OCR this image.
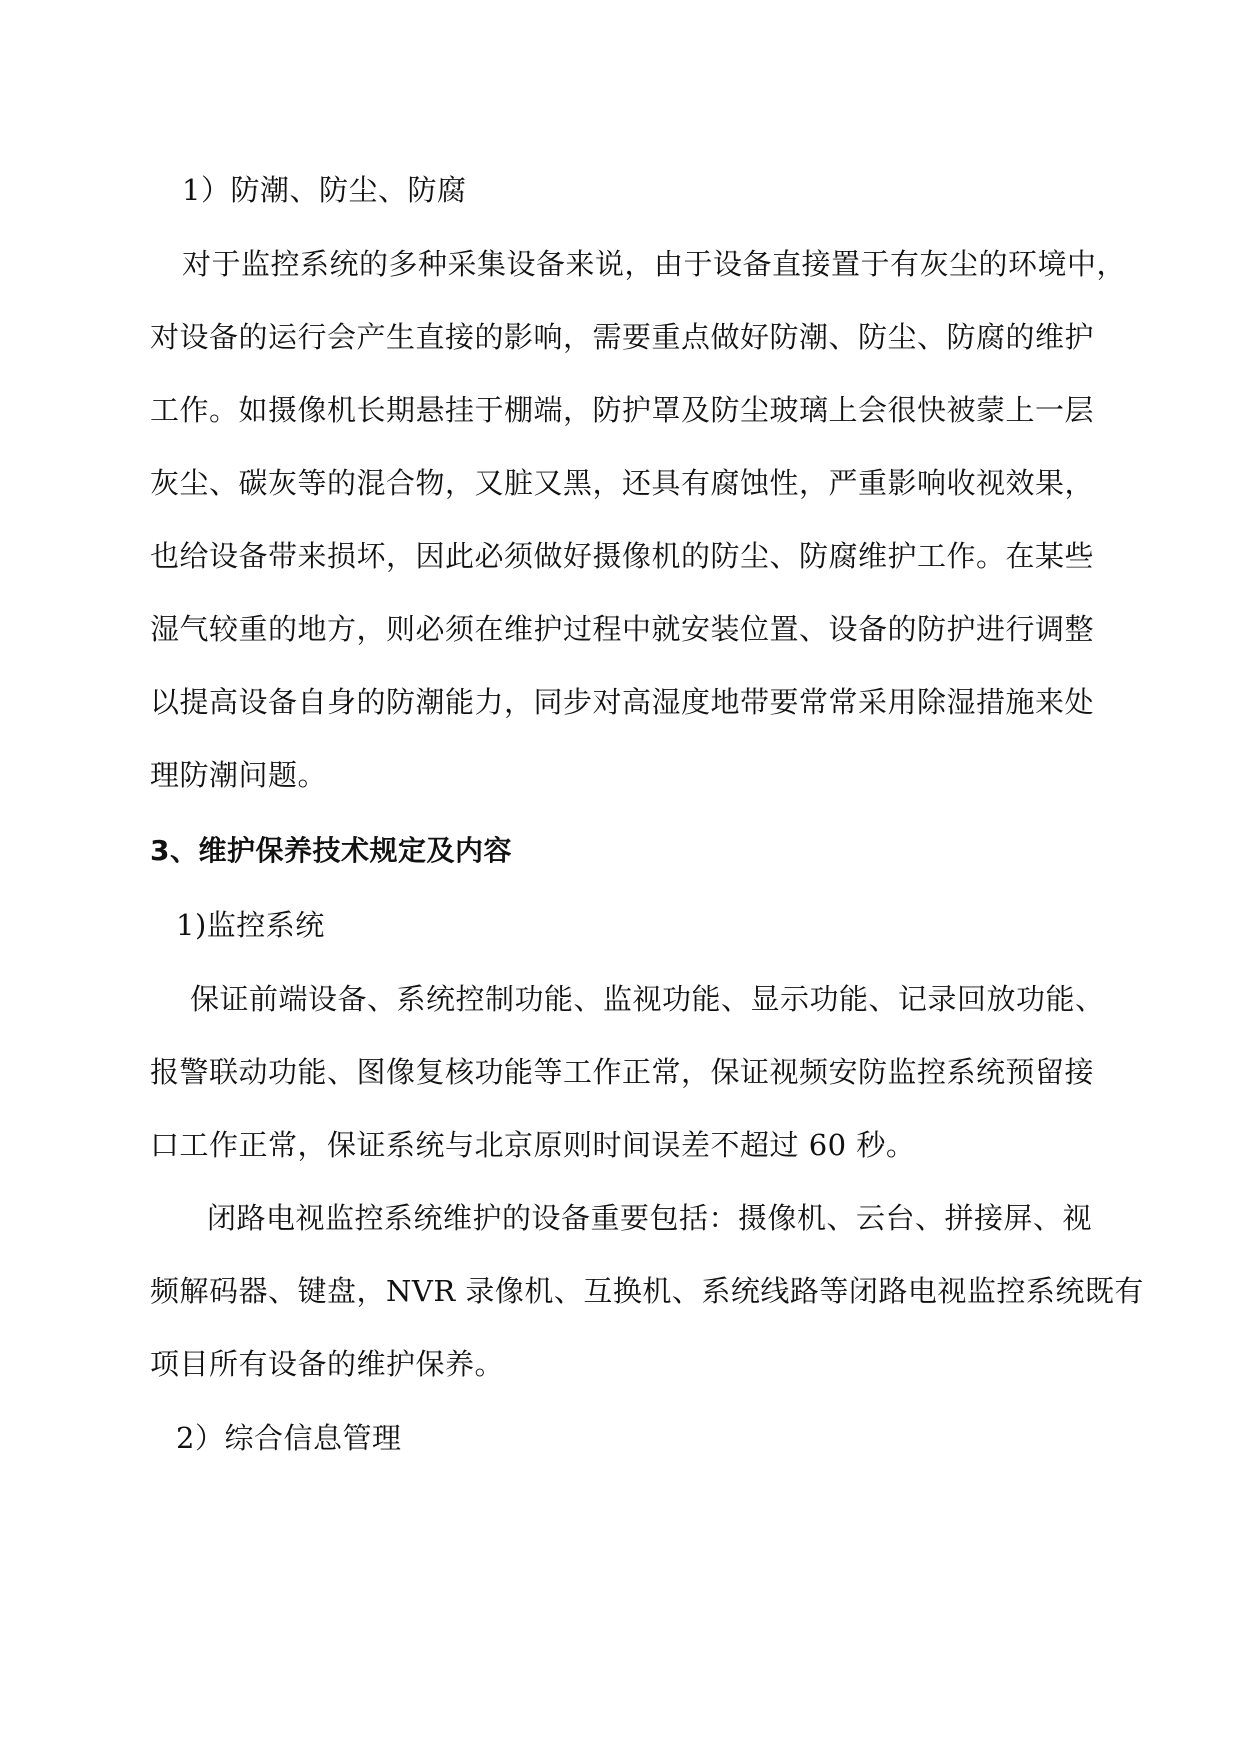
1）防潮、防尘、防腐
对于监控系统的多种采集设备来说，由于设备直接置于有灰尘的环境中，
对设备的运行会产生直接的影响，需要重点做好防潮、防尘、防腐的维护
工作。如摄像机长期悬挂于棚端，防护罩及防尘玻璃上会很快被蒙上一层
灰尘、碳灰等的混合物，又脏又黑，还具有腐蚀性，严重影响收视效果，
也给设备带来损坏，因此必须做好摄像机的防尘、防腐维护工作。在某些
湿气较重的地方，则必须在维护过程中就安装位置、设备的防护进行调整
以提高设备自身的防潮能力，同步对高湿度地带要常常采用除湿措施来处
理防潮问题。
3、维护保养技术规定及内容
1)监控系统
保证前端设备、系统控制功能、监视功能、显示功能、记录回放功能、
报警联动功能、图像复核功能等工作正常，保证视频安防监控系统预留接
口工作正常，保证系统与北京原则时间误差不超过 60 秒。
闭路电视监控系统维护的设备重要包括：摄像机、云台、拼接屏、视
频解码器、键盘，NVR 录像机、互换机、系统线路等闭路电视监控系统既有
项目所有设备的维护保养。
2）综合信息管理
